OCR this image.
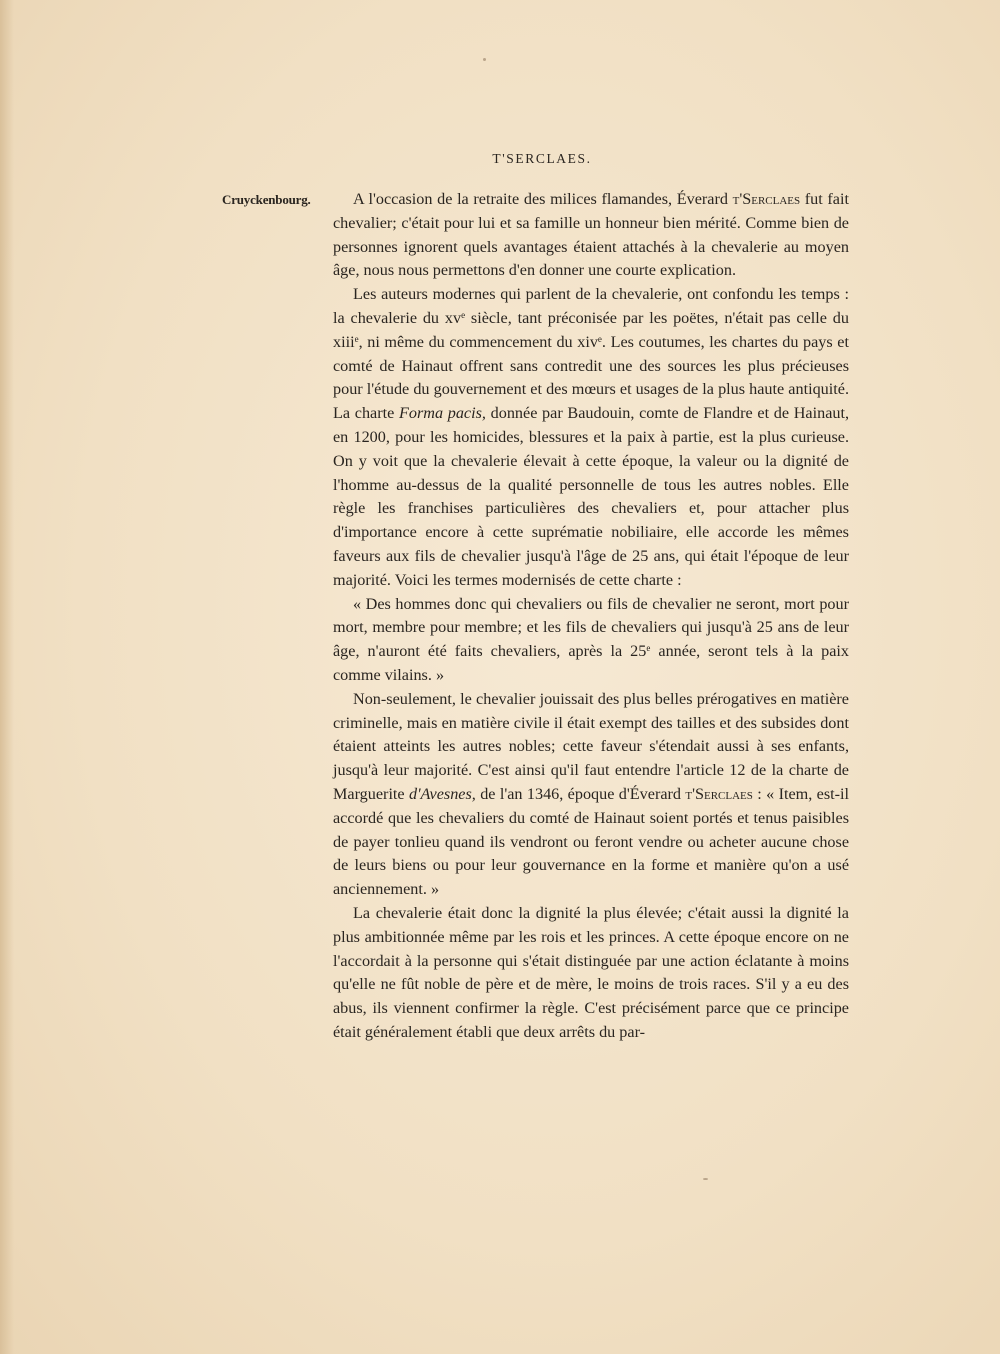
T'SERCLAES.
Cruyckenbourg.	A l'occasion de la retraite des milices flamandes, Éverard t'Serclaes fut fait chevalier; c'était pour lui et sa famille un honneur bien mérité. Comme bien de personnes ignorent quels avantages étaient attachés à la chevalerie au moyen âge, nous nous permettons d'en donner une courte explication.

Les auteurs modernes qui parlent de la chevalerie, ont confondu les temps : la chevalerie du $xv^e$ siècle, tant préconisée par les poëtes, n'était pas celle du xiii$^e$, ni même du commencement du xiv$^e$. Les coutumes, les chartes du pays et comté de Hainaut offrent sans contredit une des sources les plus précieuses pour l'étude du gouvernement et des mœurs et usages de la plus haute antiquité. La charte Forma pacis, donnée par Baudouin, comte de Flandre et de Hainaut, en 1200, pour les homicides, blessures et la paix à partie, est la plus curieuse. On y voit que la chevalerie élevait à cette époque, la valeur ou la dignité de l'homme au-dessus de la qualité personnelle de tous les autres nobles. Elle règle les franchises particulières des chevaliers et, pour attacher plus d'importance encore à cette suprématie nobiliaire, elle accorde les mêmes faveurs aux fils de chevalier jusqu'à l'âge de 25 ans, qui était l'époque de leur majorité. Voici les termes modernisés de cette charte :

« Des hommes donc qui chevaliers ou fils de chevalier ne seront, mort pour mort, membre pour membre; et les fils de chevaliers qui jusqu'à 25 ans de leur âge, n'auront été faits chevaliers, après la 25e année, seront tels à la paix comme vilains. »

Non-seulement, le chevalier jouissait des plus belles prérogatives en matière criminelle, mais en matière civile il était exempt des tailles et des subsides dont étaient atteints les autres nobles; cette faveur s'étendait aussi à ses enfants, jusqu'à leur majorité. C'est ainsi qu'il faut entendre l'article 12 de la charte de Marguerite d'Avesnes, de l'an 1346, époque d'Éverard t'Serclaes : « Item, est-il accordé que les chevaliers du comté de Hainaut soient portés et tenus paisibles de payer tonlieu quand ils vendront ou feront vendre ou acheter aucune chose de leurs biens ou pour leur gouvernance en la forme et manière qu'on a usé anciennement. »

La chevalerie était donc la dignité la plus élevée; c'était aussi la dignité la plus ambitionnée même par les rois et les princes. A cette époque encore on ne l'accordait à la personne qui s'était distinguée par une action éclatante à moins qu'elle ne fût noble de père et de mère, le moins de trois races. S'il y a eu des abus, ils viennent confirmer la règle. C'est précisément parce que ce principe était généralement établi que deux arrêts du par-
